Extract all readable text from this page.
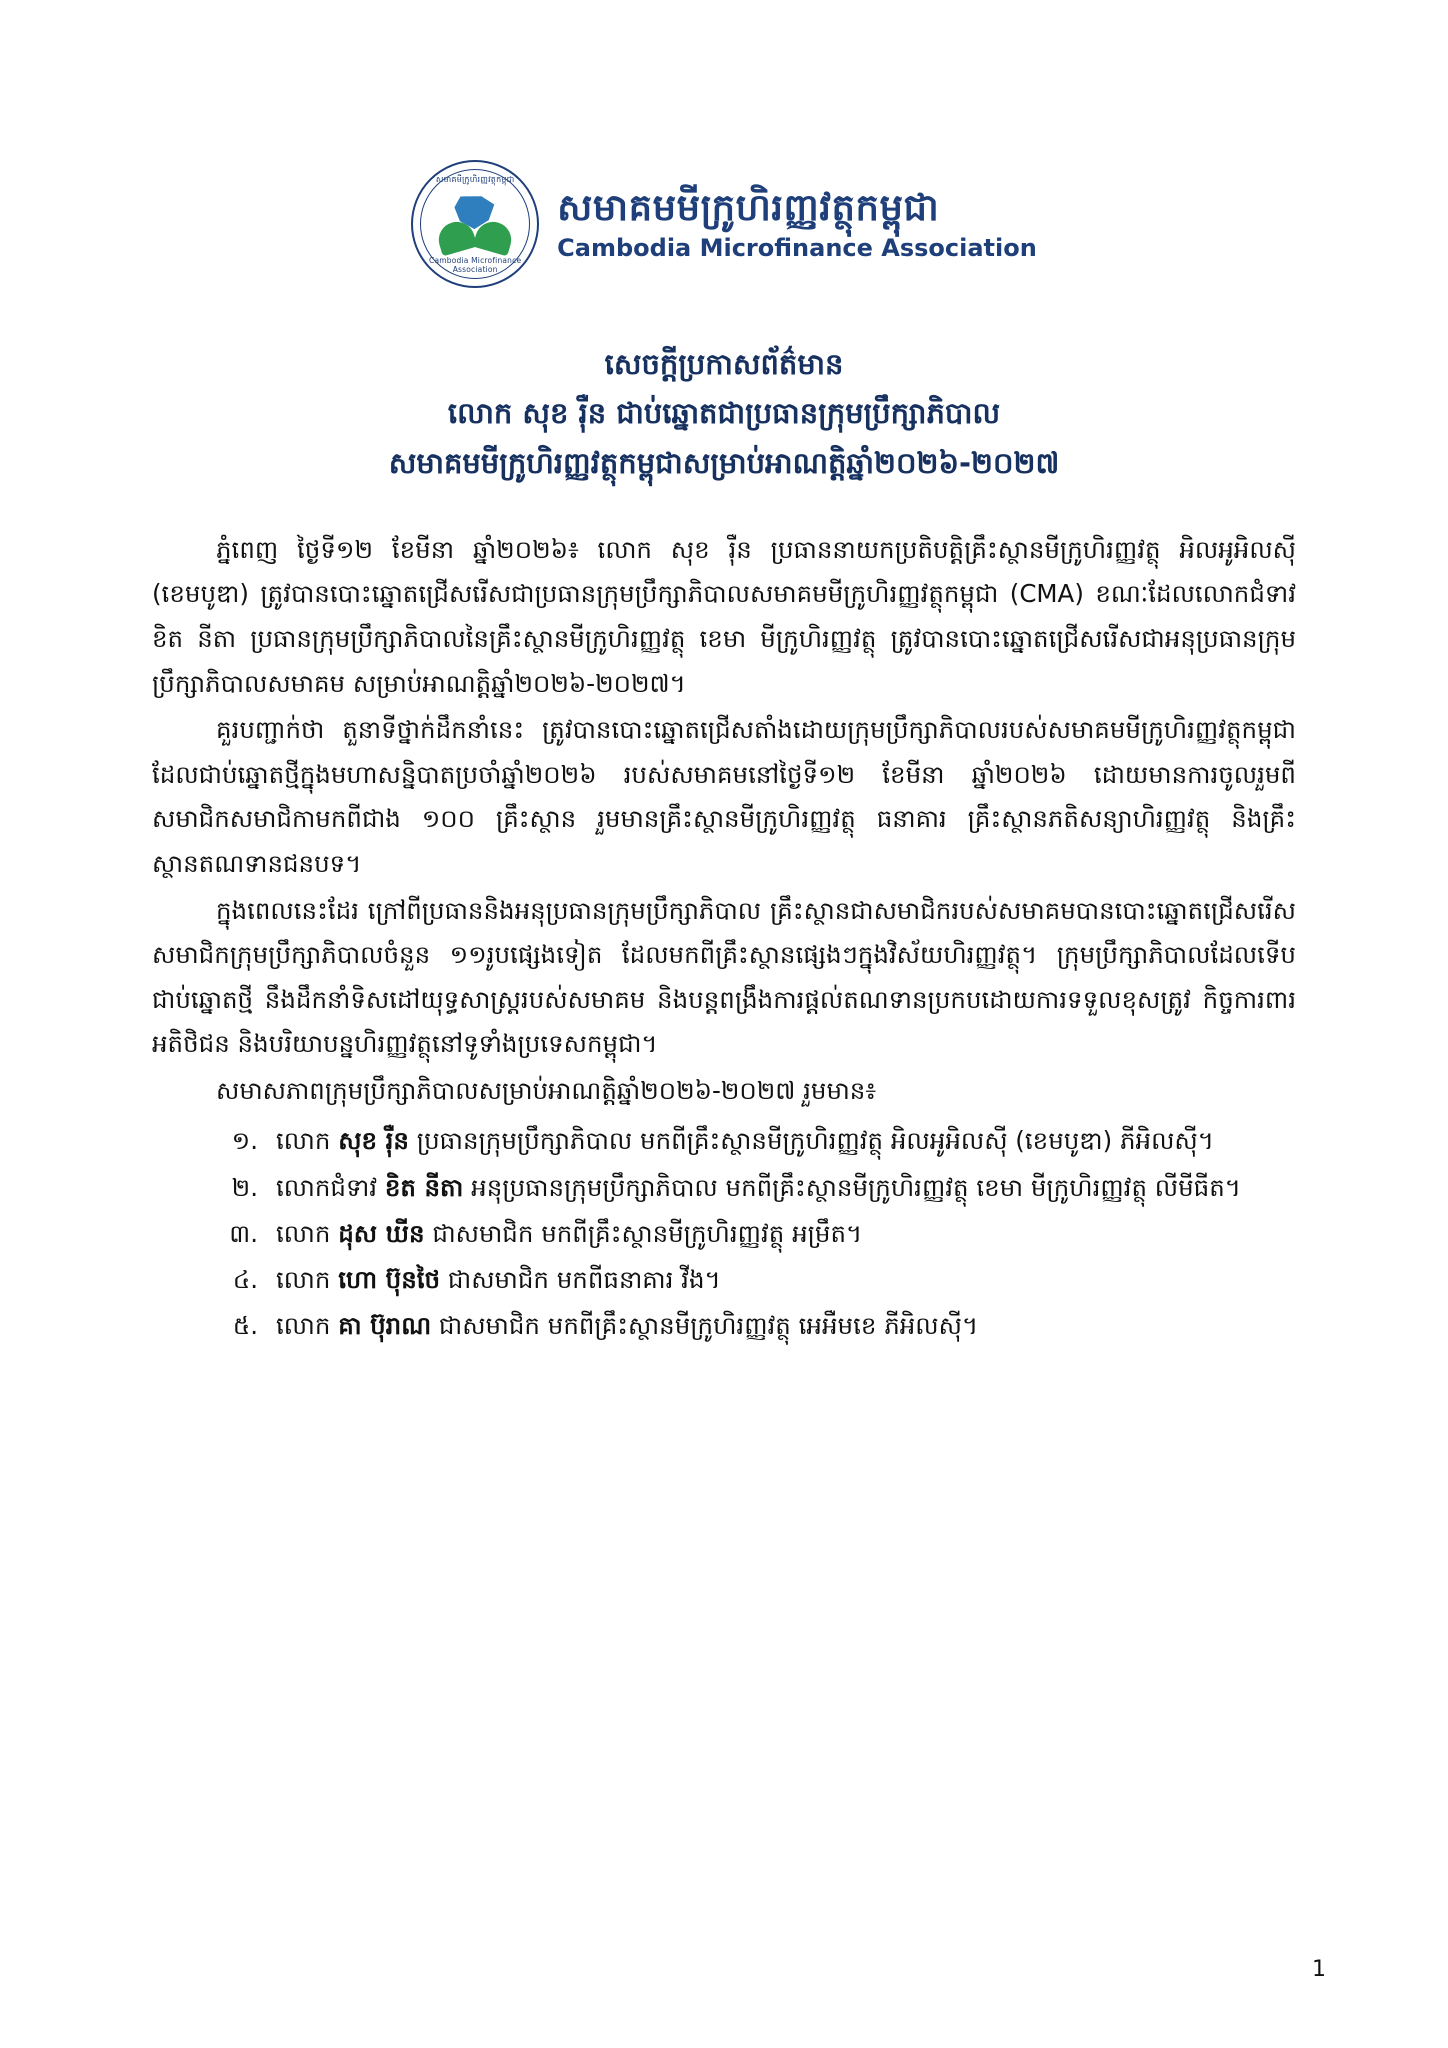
សមាគមីក្រូហិរញ្ញវត្ថុកម្ពុជា
Cambodia Microfinance Association
សមាគមមីក្រូហិរញ្ញវត្ថុកម្ពុជា
Cambodia Microfinance Association
សេចក្តីប្រកាសព័ត៌មាន
លោក សុខ រ៉ឺន ជាប់ឆ្នោតជាប្រធានក្រុមប្រឹក្សាភិបាល
សមាគមមីក្រូហិរញ្ញវត្ថុកម្ពុជាសម្រាប់អាណត្តិឆ្នាំ២០២៦-២០២៧

ភ្នំពេញ ថ្ងៃទី១២ ខែមីនា ឆ្នាំ២០២៦៖ លោក សុខ រ៉ឺន ប្រធាននាយកប្រតិបត្តិគ្រឹះស្ថានមីក្រូហិរញ្ញវត្ថុ អិលអូអិលស៊ី (ខេមបូឌា) ត្រូវបានបោះឆ្នោតជ្រើសរើសជាប្រធានក្រុមប្រឹក្សាភិបាលសមាគមមីក្រូហិរញ្ញវត្ថុកម្ពុជា (CMA) ខណៈដែលលោកជំទាវ ខិត នីតា ប្រធានក្រុមប្រឹក្សាភិបាលនៃគ្រឹះស្ថានមីក្រូហិរញ្ញវត្ថុ ខេមា មីក្រូហិរញ្ញវត្ថុ ត្រូវបានបោះឆ្នោតជ្រើសរើសជាអនុប្រធានក្រុមប្រឹក្សាភិបាលសមាគម សម្រាប់អាណត្តិឆ្នាំ២០២៦-២០២៧។

គួរបញ្ជាក់ថា តួនាទីថ្នាក់ដឹកនាំនេះ ត្រូវបានបោះឆ្នោតជ្រើសតាំងដោយក្រុមប្រឹក្សាភិបាលរបស់សមាគមមីក្រូហិរញ្ញវត្ថុកម្ពុជាដែលជាប់ឆ្នោតថ្មីក្នុងមហាសន្និបាតប្រចាំឆ្នាំ២០២៦ របស់សមាគមនៅថ្ងៃទី១២ ខែមីនា ឆ្នាំ២០២៦ ដោយមានការចូលរួមពីសមាជិកសមាជិកាមកពីជាង ១០០ គ្រឹះស្ថាន រួមមានគ្រឹះស្ថានមីក្រូហិរញ្ញវត្ថុ ធនាគារ គ្រឹះស្ថានភតិសន្យាហិរញ្ញវត្ថុ និងគ្រឹះស្ថានតណទានជនបទ។

ក្នុងពេលនេះដែរ ក្រៅពីប្រធាននិងអនុប្រធានក្រុមប្រឹក្សាភិបាល គ្រឹះស្ថានជាសមាជិករបស់សមាគមបានបោះឆ្នោតជ្រើសរើសសមាជិកក្រុមប្រឹក្សាភិបាលចំនួន ១១រូបផ្សេងទៀត ដែលមកពីគ្រឹះស្ថានផ្សេងៗក្នុងវិស័យហិរញ្ញវត្ថុ។ ក្រុមប្រឹក្សាភិបាលដែលទើបជាប់ឆ្នោតថ្មី នឹងដឹកនាំទិសដៅយុទ្ធសាស្ត្ររបស់សមាគម និងបន្តពង្រឹងការផ្តល់តណទានប្រកបដោយការទទួលខុសត្រូវ កិច្ចការពារអតិថិជន និងបរិយាបន្នហិរញ្ញវត្ថុនៅទូទាំងប្រទេសកម្ពុជា។

សមាសភាពក្រុមប្រឹក្សាភិបាលសម្រាប់អាណត្តិឆ្នាំ២០២៦-២០២៧ រួមមាន៖

១. លោក សុខ រ៉ឺន ប្រធានក្រុមប្រឹក្សាភិបាល មកពីគ្រឹះស្ថានមីក្រូហិរញ្ញវត្ថុ អិលអូអិលស៊ី (ខេមបូឌា) ភីអិលស៊ី។
២. លោកជំទាវ ខិត នីតា អនុប្រធានក្រុមប្រឹក្សាភិបាល មកពីគ្រឹះស្ថានមីក្រូហិរញ្ញវត្ថុ ខេមា មីក្រូហិរញ្ញវត្ថុ លីមីធីត។
៣. លោក ដុស ឃីន ជាសមាជិក មកពីគ្រឹះស្ថានមីក្រូហិរញ្ញវត្ថុ អម្រឹត។
៤. លោក ហោ ប៊ុនថៃ ជាសមាជិក មកពីធនាគារ វីង។
៥. លោក គា ប៊ុរាណ ជាសមាជិក មកពីគ្រឹះស្ថានមីក្រូហិរញ្ញវត្ថុ អេអឺមខេ ភីអិលស៊ី។
1
